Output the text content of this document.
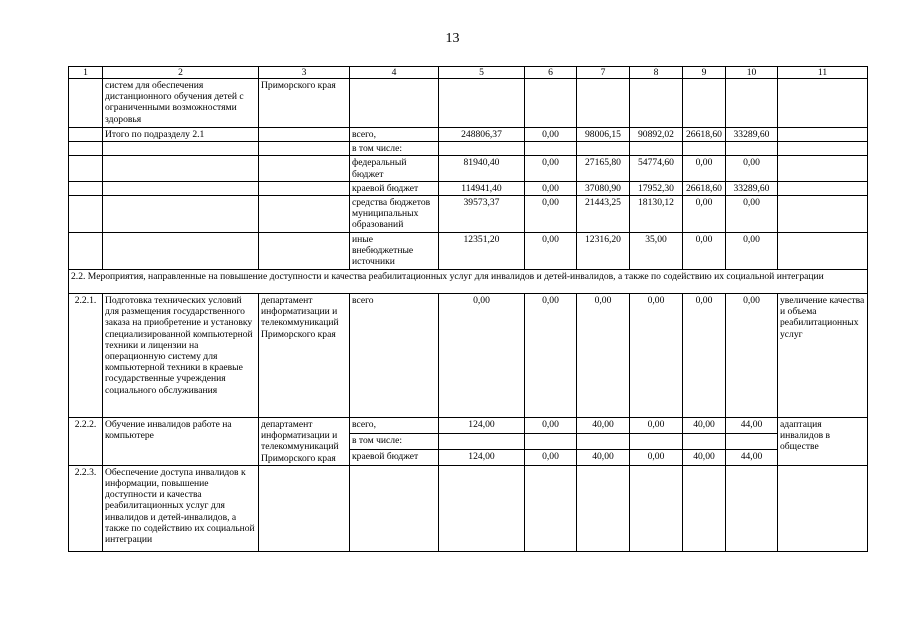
13
1	2	3	4	5	6	7	8	9	10	11
	систем для обеспечения дистанционного обучения детей с ограниченными возможностями здоровья	Приморского края								
	Итого по подразделу 2.1		всего,	248806,37	0,00	98006,15	90892,02	26618,60	33289,60	
			в том числе:							
			федеральный бюджет	81940,40	0,00	27165,80	54774,60	0,00	0,00	
			краевой бюджет	114941,40	0,00	37080,90	17952,30	26618,60	33289,60	
			средства бюджетов муниципальных образований	39573,37	0,00	21443,25	18130,12	0,00	0,00	
			иные внебюджетные источники	12351,20	0,00	12316,20	35,00	0,00	0,00	
2.2. Мероприятия, направленные на повышение доступности и качества реабилитационных услуг для инвалидов и детей-инвалидов, а также по содействию их социальной интеграции										
2.2.1.	Подготовка технических условий для размещения государственного заказа на приобретение и установку специализированной компьютерной техники и лицензии на операционную систему для компьютерной техники в краевые государственные учреждения социального обслуживания	департамент информатизации и телекоммуникаций Приморского края	всего	0,00	0,00	0,00	0,00	0,00	0,00	увеличение качества и объема реабилитационных услуг
2.2.2.	Обучение инвалидов работе на компьютере	департамент информатизации и телекоммуникаций Приморского края	всего,	124,00	0,00	40,00	0,00	40,00	44,00	адаптация инвалидов в обществе
			в том числе:							
			краевой бюджет	124,00	0,00	40,00	0,00	40,00	44,00	
2.2.3.	Обеспечение доступа инвалидов к информации, повышение доступности и качества реабилитационных услуг для инвалидов и детей-инвалидов, а также по содействию их социальной интеграции									
